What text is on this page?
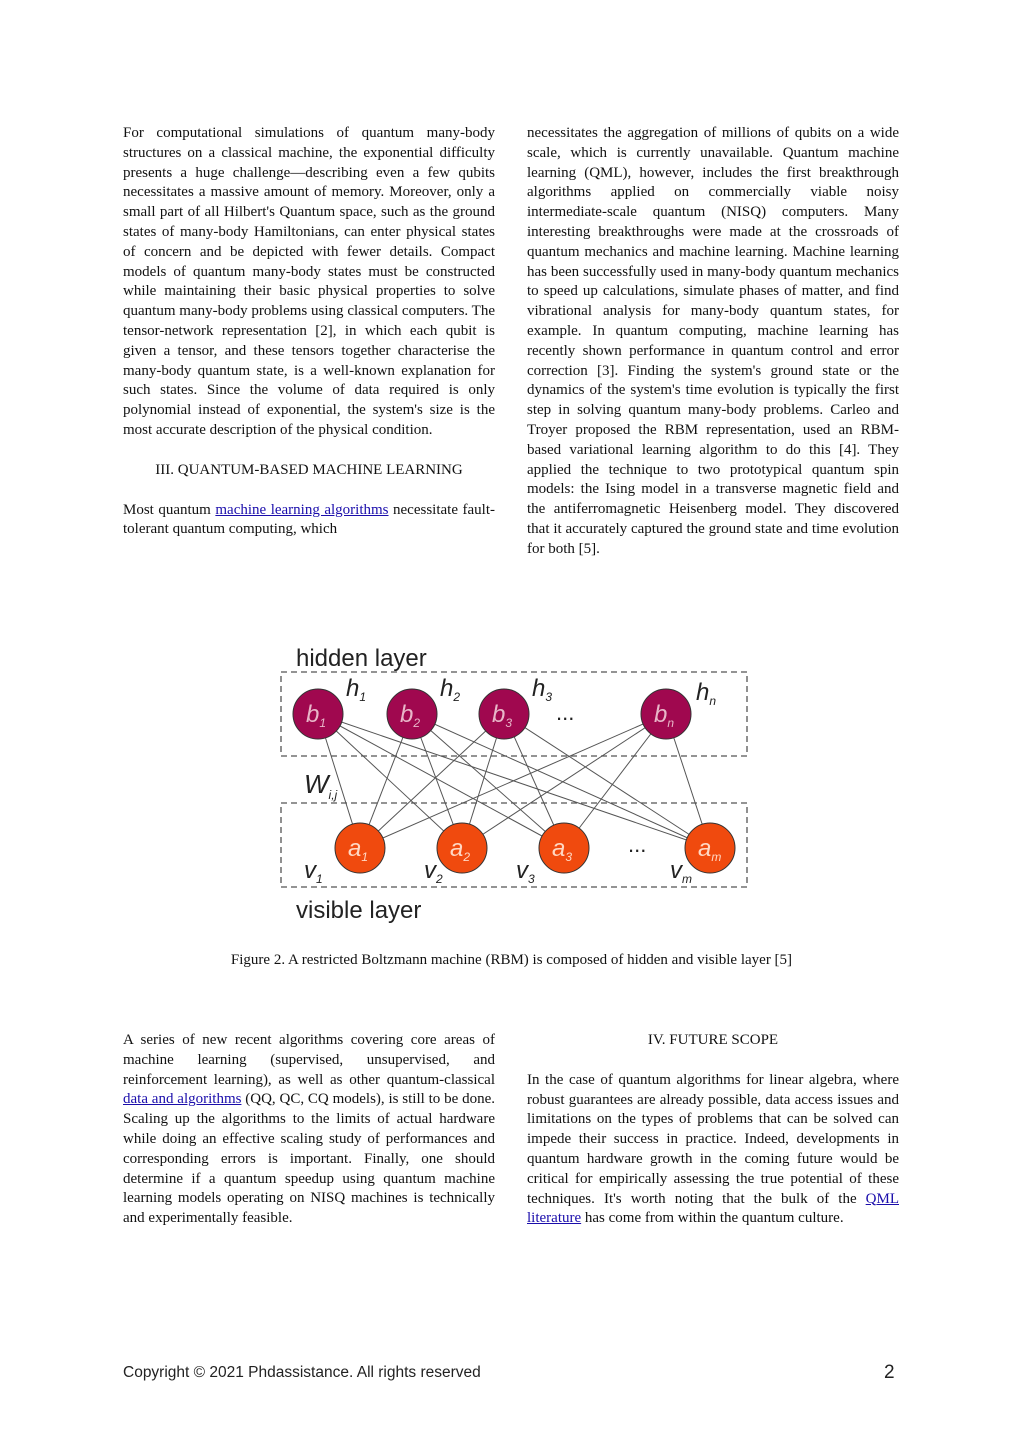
For computational simulations of quantum many-body structures on a classical machine, the exponential difficulty presents a huge challenge—describing even a few qubits necessitates a massive amount of memory. Moreover, only a small part of all Hilbert's Quantum space, such as the ground states of many-body Hamiltonians, can enter physical states of concern and be depicted with fewer details. Compact models of quantum many-body states must be constructed while maintaining their basic physical properties to solve quantum many-body problems using classical computers. The tensor-network representation [2], in which each qubit is given a tensor, and these tensors together characterise the many-body quantum state, is a well-known explanation for such states. Since the volume of data required is only polynomial instead of exponential, the system's size is the most accurate description of the physical condition.

III. QUANTUM-BASED MACHINE LEARNING

Most quantum machine learning algorithms necessitate fault-tolerant quantum computing, which

necessitates the aggregation of millions of qubits on a wide scale, which is currently unavailable. Quantum machine learning (QML), however, includes the first breakthrough algorithms applied on commercially viable noisy intermediate-scale quantum (NISQ) computers. Many interesting breakthroughs were made at the crossroads of quantum mechanics and machine learning. Machine learning has been successfully used in many-body quantum mechanics to speed up calculations, simulate phases of matter, and find vibrational analysis for many-body quantum states, for example. In quantum computing, machine learning has recently shown performance in quantum control and error correction [3]. Finding the system's ground state or the dynamics of the system's time evolution is typically the first step in solving quantum many-body problems. Carleo and Troyer proposed the RBM representation, used an RBM-based variational learning algorithm to do this [4]. They applied the technique to two prototypical quantum spin models: the Ising model in a transverse magnetic field and the antiferromagnetic Heisenberg model. They discovered that it accurately captured the ground state and time evolution for both [5].

hidden layer
$b_1$
$h_1$
$b_2$
$h_2$
$b_3$
$h_3$
$b_n$
$h_n$
$a_1$
$v_1$
$a_2$
$v_2$
$a_3$
$v_3$
$a_m$
$v_m$
$W_{i,j}$
...
...
visible layer
Figure 2. A restricted Boltzmann machine (RBM) is composed of hidden and visible layer [5]

A series of new recent algorithms covering core areas of machine learning (supervised, unsupervised, and reinforcement learning), as well as other quantum-classical data and algorithms (QQ, QC, CQ models), is still to be done. Scaling up the algorithms to the limits of actual hardware while doing an effective scaling study of performances and corresponding errors is important. Finally, one should determine if a quantum speedup using quantum machine learning models operating on NISQ machines is technically and experimentally feasible.

IV. FUTURE SCOPE

In the case of quantum algorithms for linear algebra, where robust guarantees are already possible, data access issues and limitations on the types of problems that can be solved can impede their success in practice. Indeed, developments in quantum hardware growth in the coming future would be critical for empirically assessing the true potential of these techniques. It's worth noting that the bulk of the QML literature has come from within the quantum culture.

Copyright © 2021 Phdassistance. All rights reserved	2
